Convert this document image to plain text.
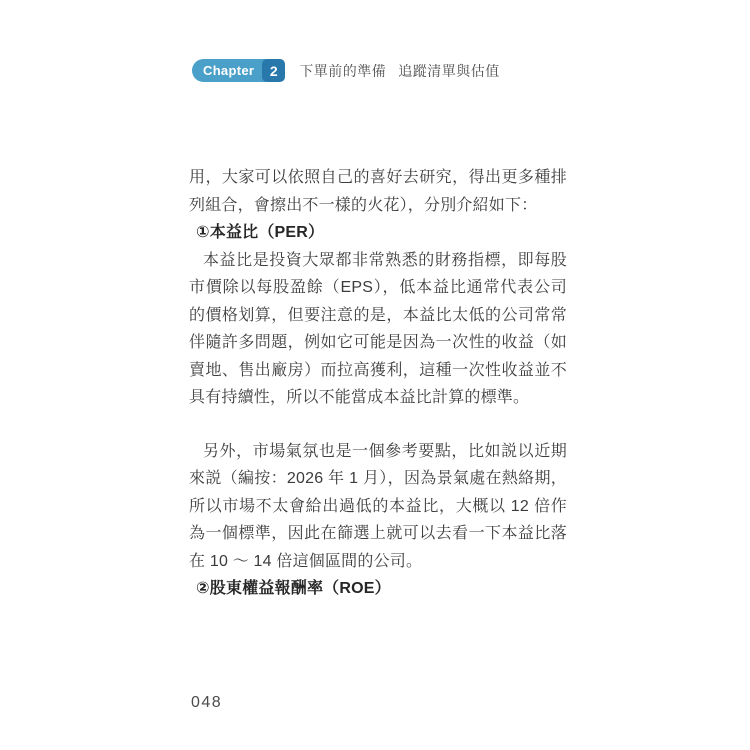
Chapter	2	下單前的準備 追蹤清單與估值

用，大家可以依照自己的喜好去研究，得出更多種排列組合，會擦出不一樣的火花），分別介紹如下：

①本益比（PER）

本益比是投資大眾都非常熟悉的財務指標，即每股市價除以每股盈餘（EPS），低本益比通常代表公司的價格划算，但要注意的是，本益比太低的公司常常伴隨許多問題，例如它可能是因為一次性的收益（如賣地、售出廠房）而拉高獲利，這種一次性收益並不具有持續性，所以不能當成本益比計算的標準。

另外，市場氣氛也是一個參考要點，比如説以近期來説（編按：2026 年 1 月），因為景氣處在熱絡期，所以市場不太會給出過低的本益比，大概以 12 倍作為一個標準，因此在篩選上就可以去看一下本益比落在 10 ～ 14 倍這個區間的公司。

②股東權益報酬率（ROE）

048
